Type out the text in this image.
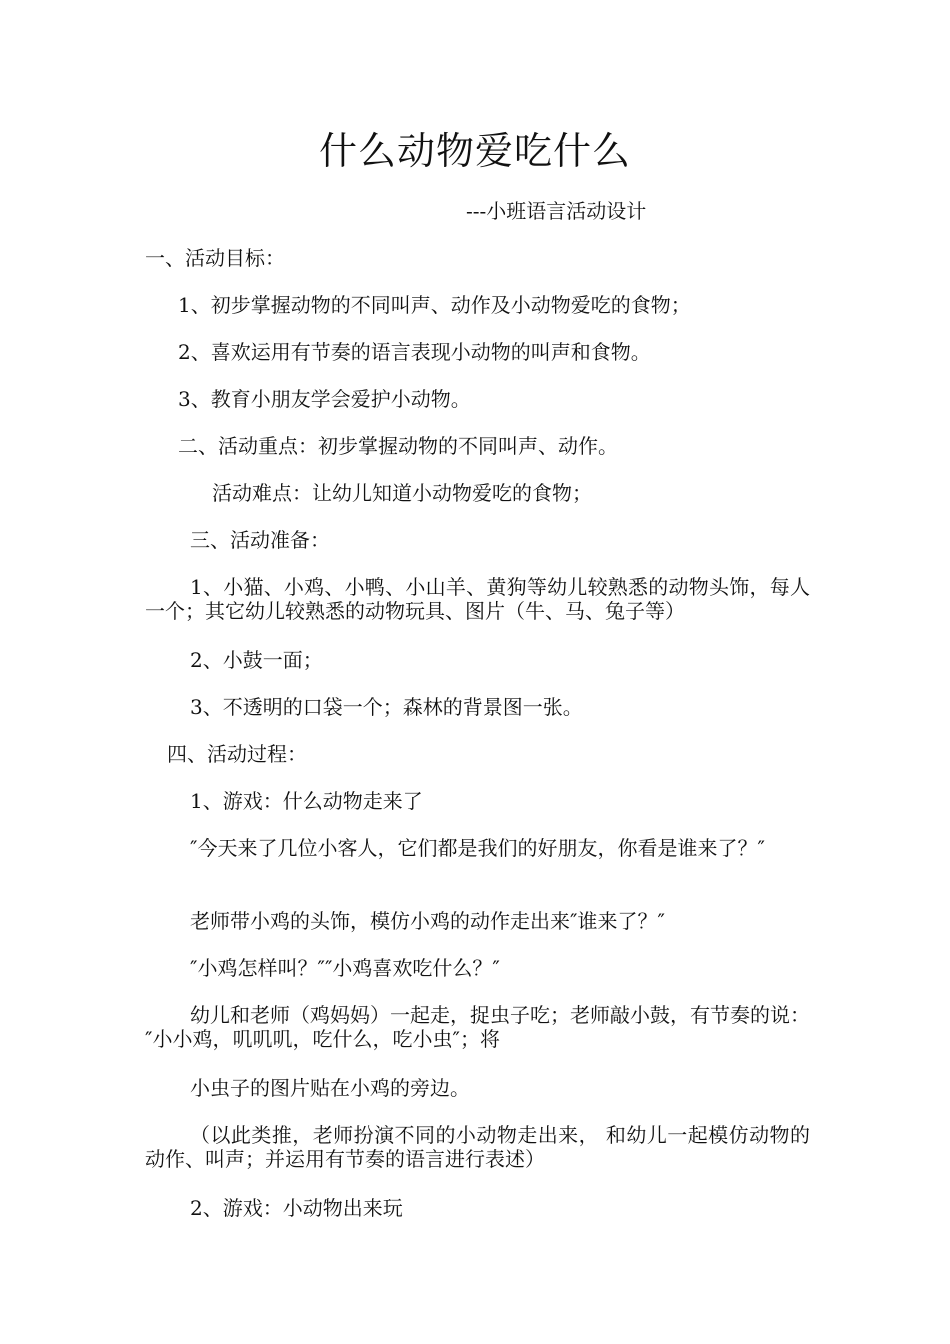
什么动物爱吃什么
---小班语言活动设计
一、活动目标：
1、初步掌握动物的不同叫声、动作及小动物爱吃的食物；
2、喜欢运用有节奏的语言表现小动物的叫声和食物。
3、教育小朋友学会爱护小动物。
二、活动重点：初步掌握动物的不同叫声、动作。
活动难点：让幼儿知道小动物爱吃的食物；
三、活动准备：
1、小猫、小鸡、小鸭、小山羊、黄狗等幼儿较熟悉的动物头饰，每人一个；其它幼儿较熟悉的动物玩具、图片（牛、马、兔子等）
2、小鼓一面；
3、不透明的口袋一个；森林的背景图一张。
四、活动过程：
1、游戏：什么动物走来了
″今天来了几位小客人，它们都是我们的好朋友，你看是谁来了？″
老师带小鸡的头饰，模仿小鸡的动作走出来″谁来了？″
″小鸡怎样叫？″″小鸡喜欢吃什么？″
幼儿和老师（鸡妈妈）一起走，捉虫子吃；老师敲小鼓，有节奏的说：″小小鸡，叽叽叽，吃什么，吃小虫″；将
小虫子的图片贴在小鸡的旁边。
（以此类推，老师扮演不同的小动物走出来， 和幼儿一起模仿动物的动作、叫声；并运用有节奏的语言进行表述）
2、游戏：小动物出来玩
